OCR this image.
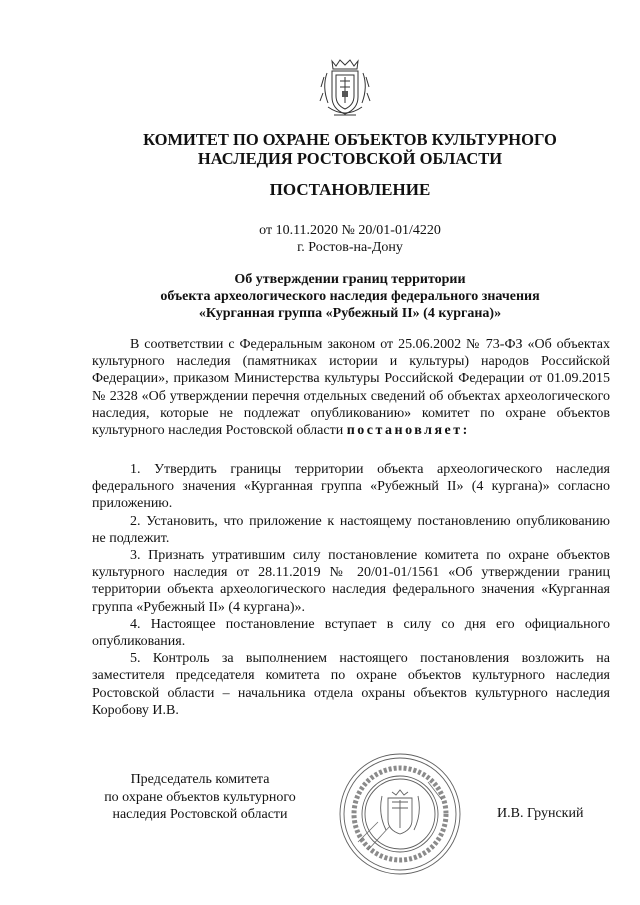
КОМИТЕТ ПО ОХРАНЕ ОБЪЕКТОВ КУЛЬТУРНОГО
НАСЛЕДИЯ РОСТОВСКОЙ ОБЛАСТИ
ПОСТАНОВЛЕНИЕ
от 10.11.2020 № 20/01-01/4220
г. Ростов-на-Дону
Об утверждении границ территории
объекта археологического наследия федерального значения
«Курганная группа «Рубежный II» (4 кургана)»

В соответствии с Федеральным законом от 25.06.2002 № 73-ФЗ «Об объектах культурного наследия (памятниках истории и культуры) народов Российской Федерации», приказом Министерства культуры Российской Федерации от 01.09.2015 № 2328 «Об утверждении перечня отдельных сведений об объектах археологического наследия, которые не подлежат опубликованию» комитет по охране объектов культурного наследия Ростовской области постановляет:

1. Утвердить границы территории объекта археологического наследия федерального значения «Курганная группа «Рубежный II» (4 кургана)» согласно приложению.

2. Установить, что приложение к настоящему постановлению опубликованию не подлежит.

3. Признать утратившим силу постановление комитета по охране объектов культурного наследия от 28.11.2019 № 20/01-01/1561 «Об утверждении границ территории объекта археологического наследия федерального значения «Курганная группа «Рубежный II» (4 кургана)».

4. Настоящее постановление вступает в силу со дня его официального опубликования.

5. Контроль за выполнением настоящего постановления возложить на заместителя председателя комитета по охране объектов культурного наследия Ростовской области – начальника отдела охраны объектов культурного наследия Коробову И.В.

Председатель комитета
по охране объектов культурного
наследия Ростовской области	И.В. Грунский
